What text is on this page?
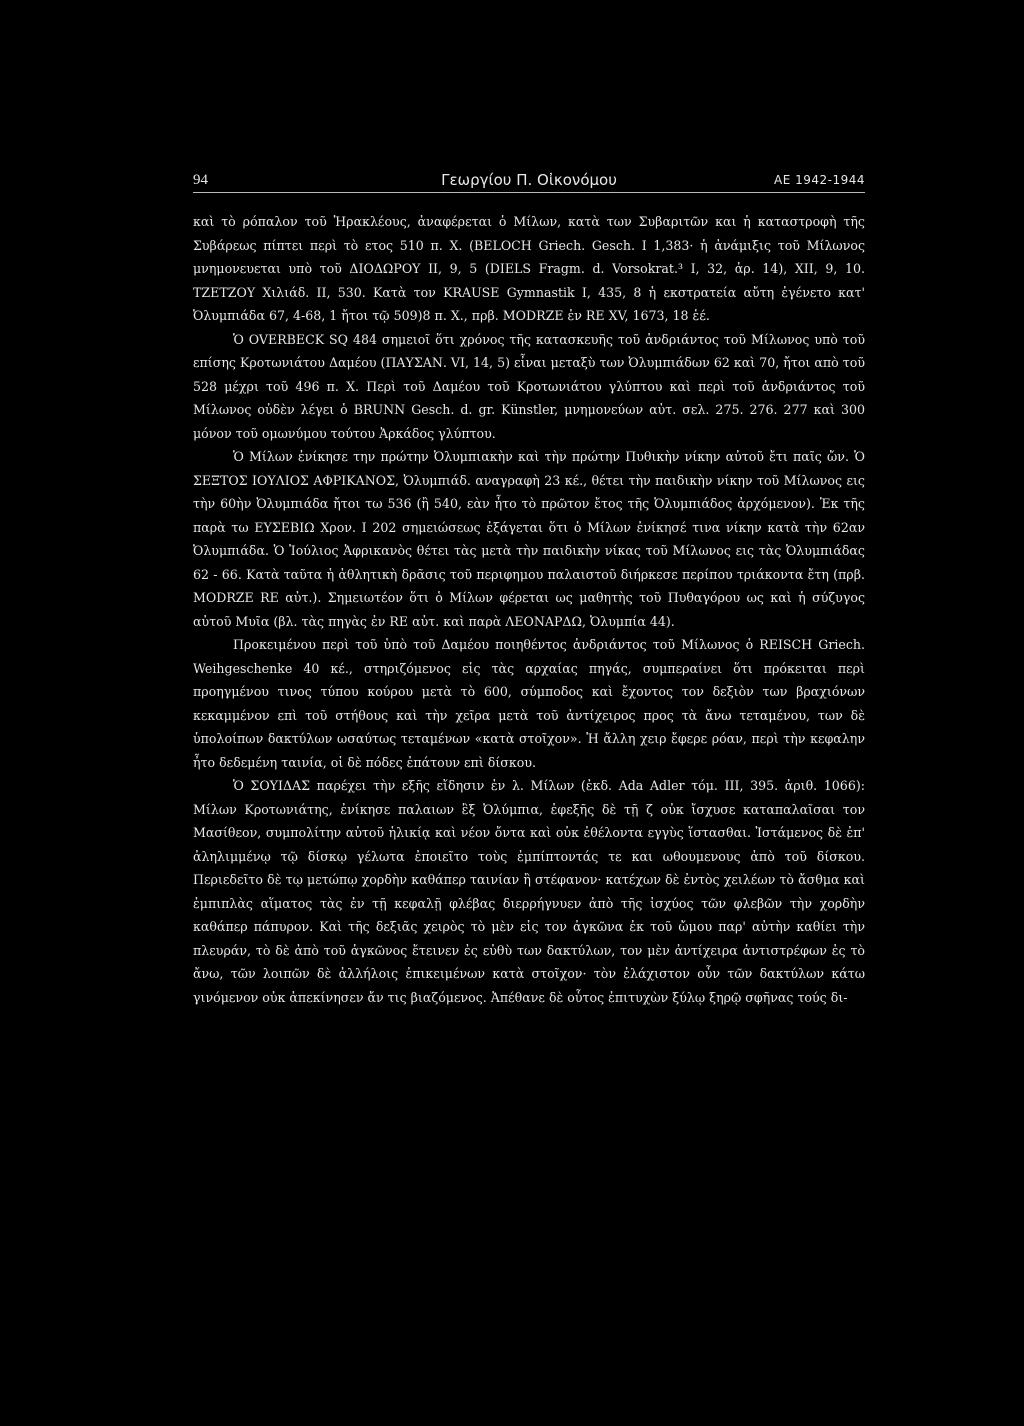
94	Γεωργίου Π. Οἰκονόμου	ΑΕ 1942-1944

καὶ τὸ ρόπαλον τοῦ Ἡρακλέους, ἀναφέρεται ὁ Μίλων, κατὰ των Συβαριτῶν και ἡ καταστροφὴ τῆς Συβάρεως πίπτει περὶ τὸ ετος 510 π. Χ. (BELOCH Griech. Gesch. I 1,383· ἡ ἀνάμιξις τοῦ Μίλωνος μνημονευεται υπὸ τοῦ ΔΙΟΔΩΡΟΥ II, 9, 5 (DIELS Fragm. d. Vorsokrat.³ I, 32, ἀρ. 14), XII, 9, 10. ΤΖΕΤΖΟΥ Χιλιάδ. II, 530. Κατὰ τον KRAUSE Gymnastik I, 435, 8 ἡ εκστρατεία αὔτη ἐγένετο κατ' Ὀλυμπιάδα 67, 4-68, 1 ἤτοι τῷ 509)8 π. Χ., πρβ. MODRZE ἐν RE XV, 1673, 18 ἑέ.

Ὁ OVERBECK SQ 484 σημειοῖ ὅτι χρόνος τῆς κατασκευῆς τοῦ ἀνδριάντος τοῦ Μίλωνος υπὸ τοῦ επίσης Κροτωνιάτου Δαμέου (ΠΑΥΣΑΝ. VI, 14, 5) εἶναι μεταξὺ των Ὀλυμπιάδων 62 καὶ 70, ἤτοι απὸ τοῦ 528 μέχρι τοῦ 496 π. Χ. Περὶ τοῦ Δαμέου τοῦ Κροτωνιάτου γλύπτου καὶ περὶ τοῦ ἀνδριάντος τοῦ Μίλωνος οὐδὲν λέγει ὁ BRUNN Gesch. d. gr. Künstler, μνημονεύων αὐτ. σελ. 275. 276. 277 καὶ 300 μόνον τοῦ ομωνύμου τούτου Ἀρκάδος γλύπτου.

Ὁ Μίλων ἐνίκησε την πρώτην Ὀλυμπιακὴν καὶ τὴν πρώτην Πυθικὴν νίκην αὐτοῦ ἔτι παῖς ὤν. Ὁ ΣΕΞΤΟΣ ΙΟΥΛΙΟΣ ΑΦΡΙΚΑΝΟΣ, Ὀλυμπιάδ. αναγραφὴ 23 κέ., θέτει τὴν παιδικὴν νίκην τοῦ Μίλωνος εις τὴν 60ὴν Ὀλυμπιάδα ἤτοι τω 536 (ἢ 540, εὰν ἦτο τὸ πρῶτον ἔτος τῆς Ὀλυμπιάδος ἀρχόμενον). Ἐκ τῆς παρὰ τω ΕΥΣΕΒΙΩ Χρον. I 202 σημειώσεως ἐξάγεται ὅτι ὁ Μίλων ἐνίκησέ τινα νίκην κατὰ τὴν 62αν Ὀλυμπιάδα. Ὁ Ἰούλιος Ἀφρικανὸς θέτει τὰς μετὰ τὴν παιδικὴν νίκας τοῦ Μίλωνος εις τὰς Ὀλυμπιάδας 62 - 66. Κατὰ ταῦτα ἡ ἀθλητικὴ δρᾶσις τοῦ περιφημου παλαιστοῦ διήρκεσε περίπου τριάκοντα ἔτη (πρβ. MODRZE RE αὐτ.). Σημειωτέον ὅτι ὁ Μίλων φέρεται ως μαθητὴς τοῦ Πυθαγόρου ως καὶ ἡ σύζυγος αὐτοῦ Μυῖα (βλ. τὰς πηγὰς ἐν RE αὐτ. καὶ παρὰ ΛΕΟΝΑΡΔΩ, Ὀλυμπία 44).

Προκειμένου περὶ τοῦ ὑπὸ τοῦ Δαμέου ποιηθέντος ἀνδριάντος τοῦ Μίλωνος ὁ REISCH Griech. Weihgeschenke 40 κέ., στηριζόμενος εἰς τὰς αρχαίας πηγάς, συμπεραίνει ὅτι πρόκειται περὶ προηγμένου τινος τύπου κούρου μετὰ τὸ 600, σύμποδος καὶ ἔχοντος τον δεξιὸν των βραχιόνων κεκαμμένον επὶ τοῦ στήθους καὶ τὴν χεῖρα μετὰ τοῦ ἀντίχειρος προς τὰ ἄνω τεταμένου, των δὲ ὑπολοίπων δακτύλων ωσαύτως τεταμένων «κατὰ στοῖχον». Ἡ ἄλλη χειρ ἔφερε ρόαν, περὶ τὴν κεφαλην ἦτο δεδεμένη ταινία, οἱ δὲ πόδες ἐπάτουν επὶ δίσκου.

Ὁ ΣΟΥΙΔΑΣ παρέχει τὴν εξῆς εἴδησιν ἐν λ. Μίλων (ἐκδ. Ada Adler τόμ. III, 395. ἀριθ. 1066): Μίλων Κροτωνιάτης, ἐνίκησε παλαιων ἓξ Ὀλύμπια, ἐφεξῆς δὲ τῇ ζ οὐκ ἴσχυσε καταπαλαῖσαι τον Μασίθεον, συμπολίτην αὐτοῦ ἡλικίᾳ καὶ νέον ὄντα καὶ οὐκ ἐθέλοντα εγγὺς ἵστασθαι. Ἱστάμενος δὲ ἐπ' ἀληλιμμένῳ τῷ δίσκῳ γέλωτα ἐποιεῖτο τοὺς ἐμπίπτοντάς τε και ωθουμενους ἀπὸ τοῦ δίσκου. Περιεδεῖτο δὲ τῳ μετώπῳ χορδὴν καθάπερ ταινίαν ἢ στέφανον· κατέχων δὲ ἐντὸς χειλέων τὸ ἄσθμα καὶ ἐμπιπλὰς αἵματος τὰς ἐν τῇ κεφαλῇ φλέβας διερρήγνυεν ἀπὸ τῆς ἰσχύος τῶν φλεβῶν τὴν χορδὴν καθάπερ πάπυρον. Καὶ τῆς δεξιᾶς χειρὸς τὸ μὲν εἰς τον ἀγκῶνα ἐκ τοῦ ὤμου παρ' αὐτὴν καθίει τὴν πλευράν, τὸ δὲ ἀπὸ τοῦ ἀγκῶνος ἔτεινεν ἐς εὐθὺ των δακτύλων, τον μὲν ἀντίχειρα ἀντιστρέφων ἐς τὸ ἄνω, τῶν λοιπῶν δὲ ἀλλήλοις ἐπικειμένων κατὰ στοῖχον· τὸν ἐλάχιστον οὖν τῶν δακτύλων κάτω γινόμενον οὐκ ἀπεκίνησεν ἄν τις βιαζόμενος. Ἀπέθανε δὲ οὗτος ἐπιτυχὼν ξύλῳ ξηρῷ σφῆνας τούς δι-
